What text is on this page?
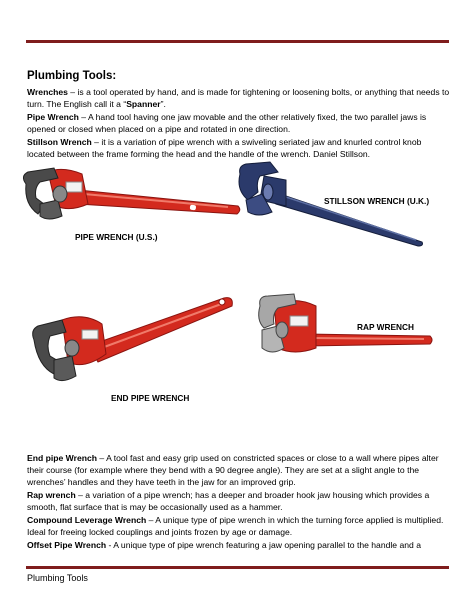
Plumbing Tools:
Wrenches – is a tool operated by hand, and is made for tightening or loosening bolts, or anything that needs to turn. The English call it a “Spanner”.
Pipe Wrench – A hand tool having one jaw movable and the other relatively fixed, the two parallel jaws is opened or closed when placed on a pipe and rotated in one direction.
Stillson Wrench – it is a variation of pipe wrench with a swiveling seriated jaw and knurled control knob located between the frame forming the head and the handle of the wrench. Daniel Stillson.
PIPE WRENCH (U.S.)
STILLSON WRENCH (U.K.)
RAP WRENCH
END PIPE WRENCH
End pipe Wrench – A tool fast and easy grip used on constricted spaces or close to a wall where pipes alter their course (for example where they bend with a 90 degree angle). They are set at a slight angle to the wrenches’ handles and they have teeth in the jaw for an improved grip.
Rap wrench – a variation of a pipe wrench; has a deeper and broader hook jaw housing which provides a smooth, flat surface that is may be occasionally used as a hammer.
Compound Leverage Wrench – A unique type of pipe wrench in which the turning force applied is multiplied. Ideal for freeing locked couplings and joints frozen by age or damage.
Offset Pipe Wrench - A unique type of pipe wrench featuring a jaw opening parallel to the handle and a
Plumbing Tools
